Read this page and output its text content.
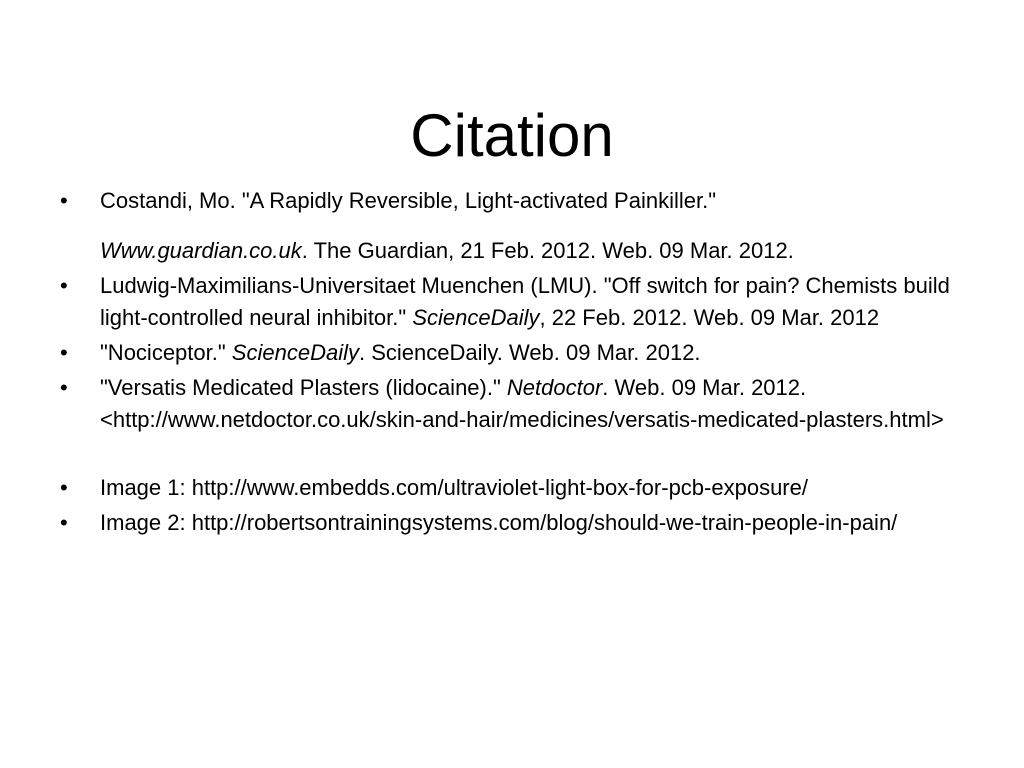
Citation
• Costandi, Mo. "A Rapidly Reversible, Light-activated Painkiller."
Www.guardian.co.uk. The Guardian, 21 Feb. 2012. Web. 09 Mar. 2012.
• Ludwig-Maximilians-Universitaet Muenchen (LMU). "Off switch for pain? Chemists build light-controlled neural inhibitor." ScienceDaily, 22 Feb. 2012. Web. 09 Mar. 2012
• "Nociceptor." ScienceDaily. ScienceDaily. Web. 09 Mar. 2012.
• "Versatis Medicated Plasters (lidocaine)." Netdoctor. Web. 09 Mar. 2012. <http://www.netdoctor.co.uk/skin-and-hair/medicines/versatis-medicated-plasters.html>
• Image 1: http://www.embedds.com/ultraviolet-light-box-for-pcb-exposure/
• Image 2: http://robertsontrainingsystems.com/blog/should-we-train-people-in-pain/
